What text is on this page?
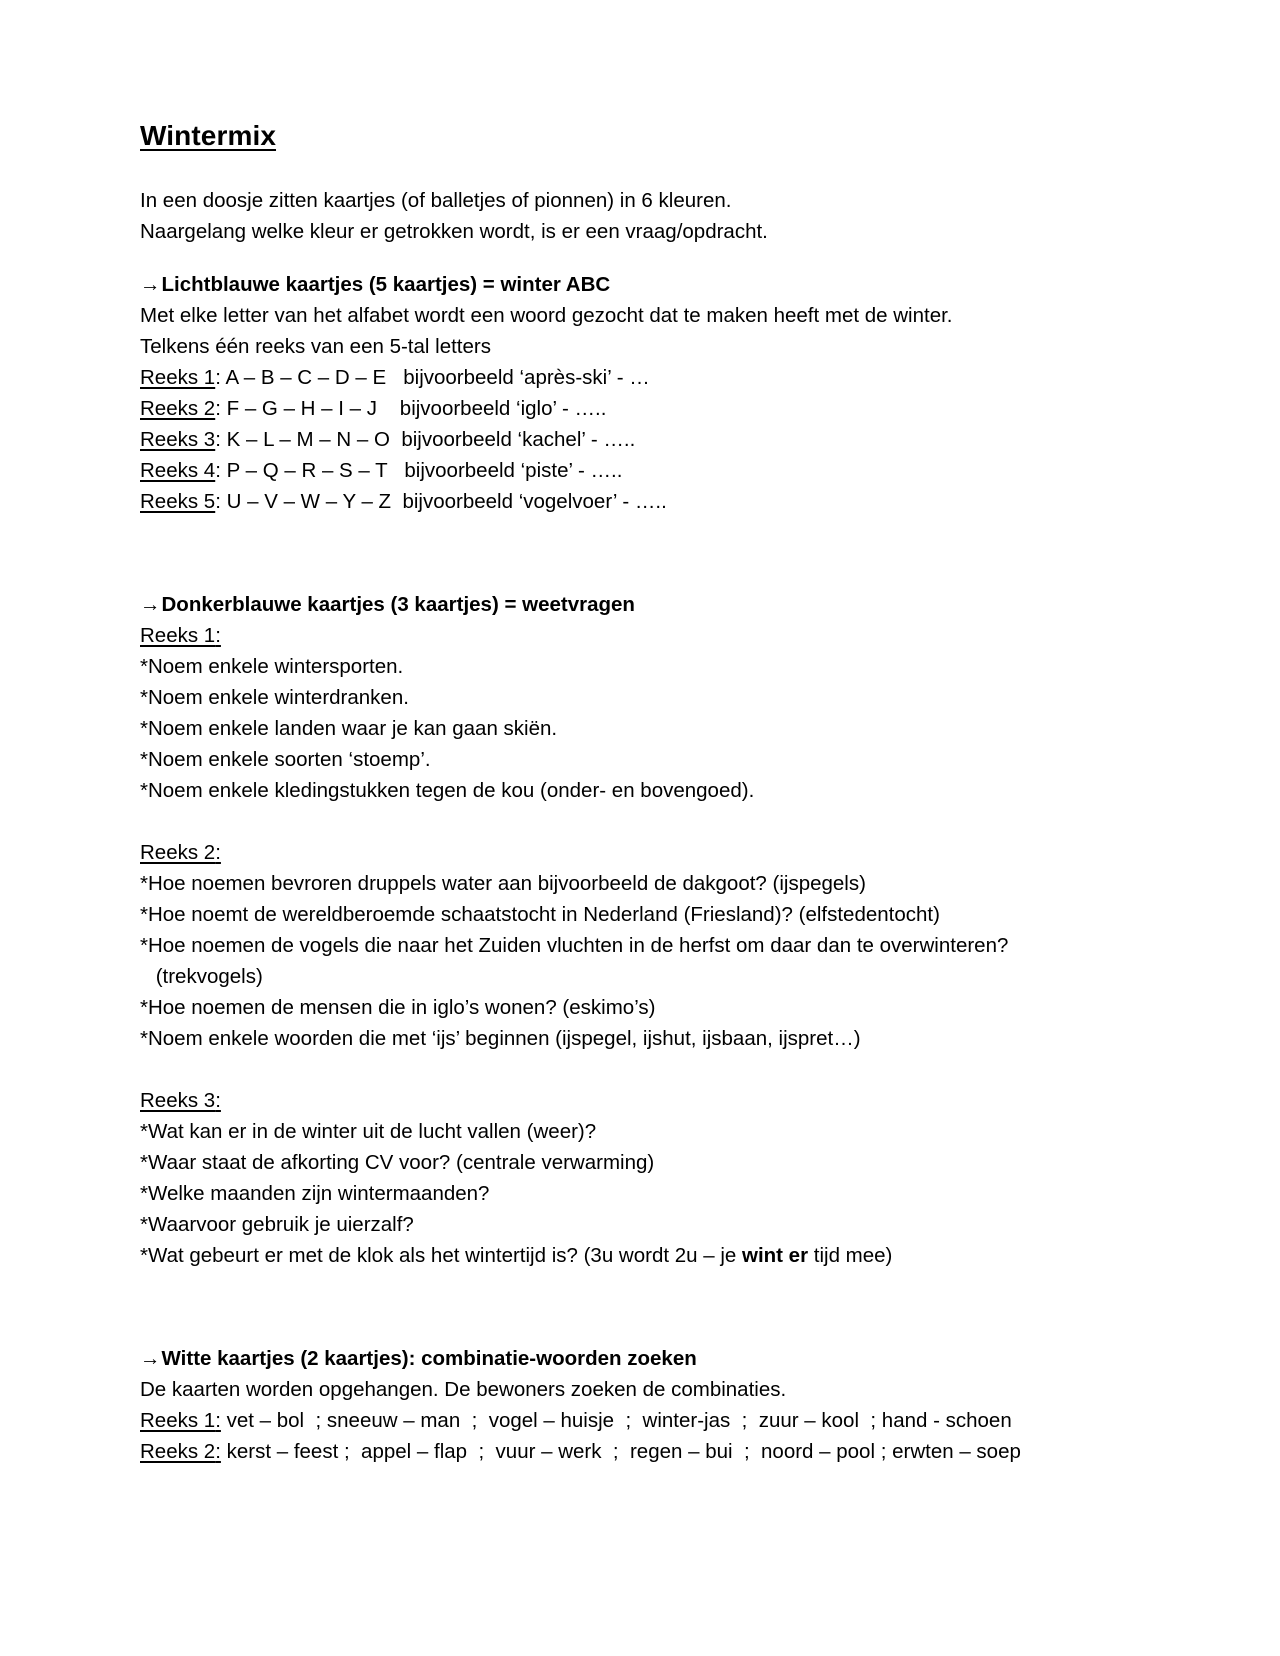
Wintermix

In een doosje zitten kaartjes (of balletjes of pionnen) in 6 kleuren.

Naargelang welke kleur er getrokken wordt, is er een vraag/opdracht.

→Lichtblauwe kaartjes (5 kaartjes) = winter ABC

Met elke letter van het alfabet wordt een woord gezocht dat te maken heeft met de winter.

Telkens één reeks van een 5-tal letters

Reeks 1: A – B – C – D – E   bijvoorbeeld ‘après-ski’ - …

Reeks 2: F – G – H – I – J    bijvoorbeeld ‘iglo’ - …..

Reeks 3: K – L – M – N – O  bijvoorbeeld ‘kachel’ - …..

Reeks 4: P – Q – R – S – T   bijvoorbeeld ‘piste’ - …..

Reeks 5: U – V – W – Y – Z  bijvoorbeeld ‘vogelvoer’ - …..

→Donkerblauwe kaartjes (3 kaartjes) = weetvragen

Reeks 1:

*Noem enkele wintersporten.

*Noem enkele winterdranken.

*Noem enkele landen waar je kan gaan skiën.

*Noem enkele soorten ‘stoemp’.

*Noem enkele kledingstukken tegen de kou (onder- en bovengoed).

Reeks 2:

*Hoe noemen bevroren druppels water aan bijvoorbeeld de dakgoot? (ijspegels)

*Hoe noemt de wereldberoemde schaatstocht in Nederland (Friesland)? (elfstedentocht)

*Hoe noemen de vogels die naar het Zuiden vluchten in de herfst om daar dan te overwinteren?

(trekvogels)

*Hoe noemen de mensen die in iglo’s wonen? (eskimo’s)

*Noem enkele woorden die met ‘ijs’ beginnen (ijspegel, ijshut, ijsbaan, ijspret…)

Reeks 3:

*Wat kan er in de winter uit de lucht vallen (weer)?

*Waar staat de afkorting CV voor? (centrale verwarming)

*Welke maanden zijn wintermaanden?

*Waarvoor gebruik je uierzalf?

*Wat gebeurt er met de klok als het wintertijd is? (3u wordt 2u – je wint er tijd mee)

→Witte kaartjes (2 kaartjes): combinatie-woorden zoeken

De kaarten worden opgehangen. De bewoners zoeken de combinaties.

Reeks 1: vet – bol  ; sneeuw – man  ;  vogel – huisje  ;  winter-jas  ;  zuur – kool  ; hand - schoen

Reeks 2: kerst – feest ;  appel – flap  ;  vuur – werk  ;  regen – bui  ;  noord – pool ; erwten – soep
